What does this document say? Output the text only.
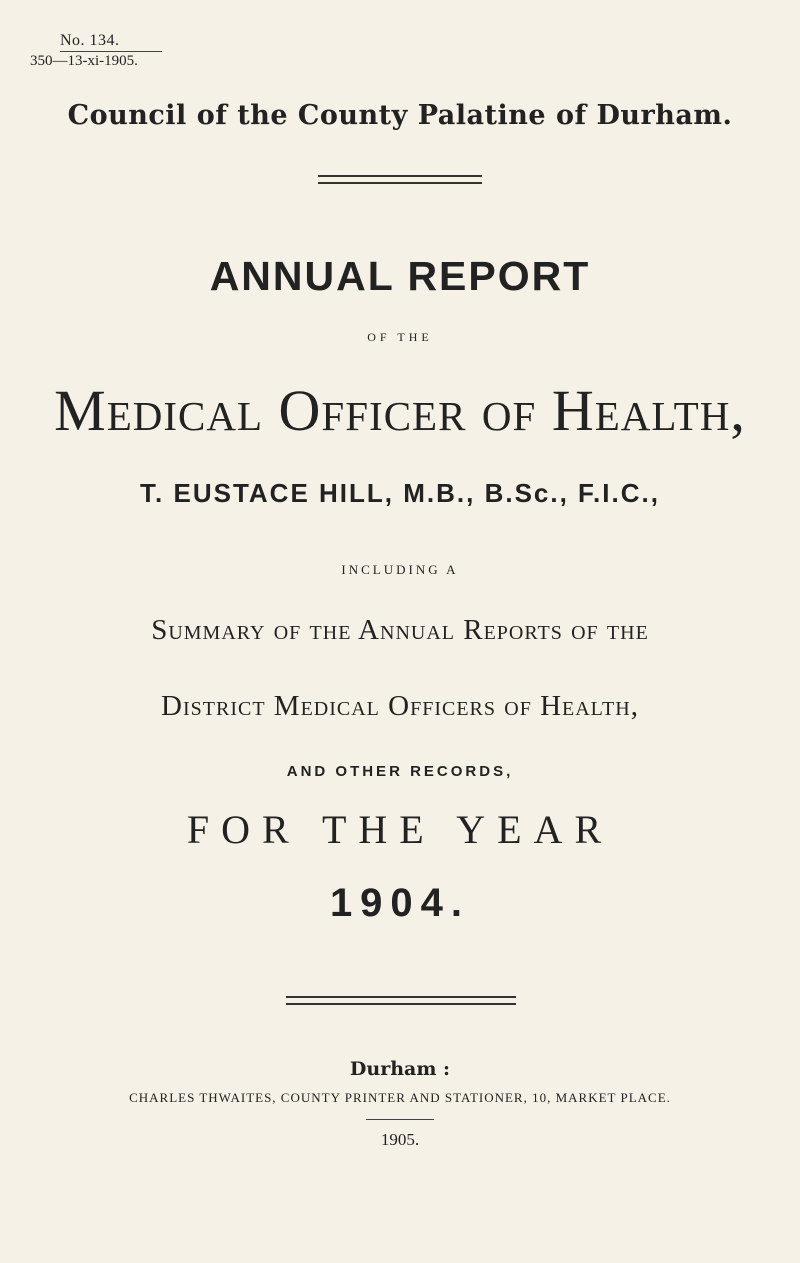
No. 134.
350—13-xi-1905.
Council of the County Palatine of Durham.
ANNUAL REPORT
OF THE
Medical Officer of Health,
T. EUSTACE HILL, M.B., B.Sc., F.I.C.,
INCLUDING A
Summary of the Annual Reports of the
District Medical Officers of Health,
AND OTHER RECORDS,
FOR THE YEAR
1904.
Durham :
CHARLES THWAITES, COUNTY PRINTER AND STATIONER, 10, MARKET PLACE.
1905.
